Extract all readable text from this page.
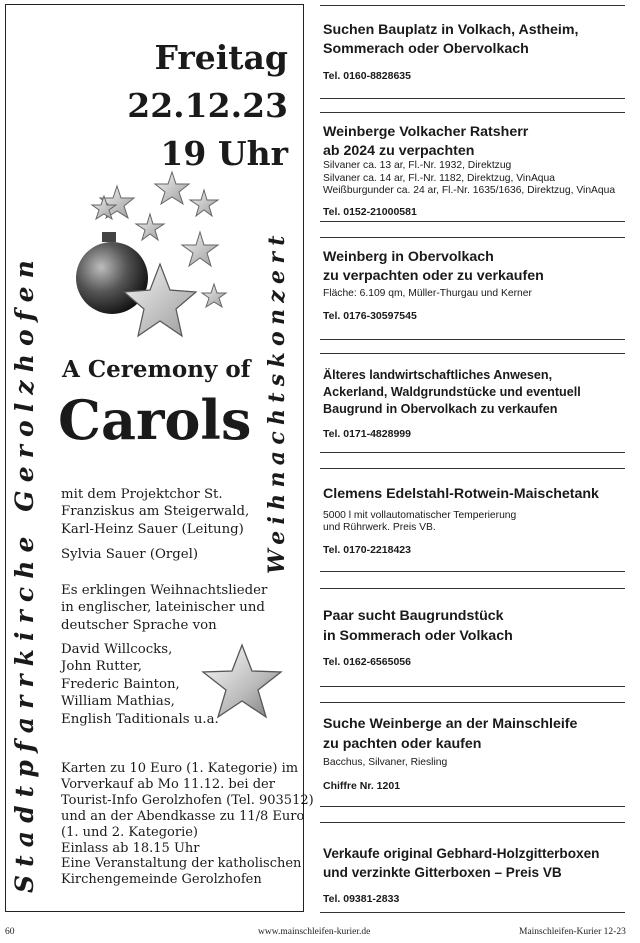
Stadtpfarrkirche Gerolzhofen	Weihnachtskonzert
Freitag
22.12.23
19 Uhr
A Ceremony of
Carols
mit dem Projektchor St.
Franziskus am Steigerwald,
Karl-Heinz Sauer (Leitung)
Sylvia Sauer (Orgel)
Es erklingen Weihnachtslieder
in englischer, lateinischer und
deutscher Sprache von
David Willcocks,
John Rutter,
Frederic Bainton,
William Mathias,
English Taditionals u.a.
Karten zu 10 Euro (1. Kategorie) im
Vorverkauf ab Mo 11.12. bei der
Tourist-Info Gerolzhofen (Tel. 903512)
und an der Abendkasse zu 11/8 Euro
(1. und 2. Kategorie)
Einlass ab 18.15 Uhr
Eine Veranstaltung der katholischen
Kirchengemeinde Gerolzhofen
Suchen Bauplatz in Volkach, Astheim,
Sommerach oder Obervolkach
Tel. 0160-8828635
Weinberge Volkacher Ratsherr
ab 2024 zu verpachten
Silvaner ca. 13 ar, Fl.-Nr. 1932, Direktzug
Silvaner ca. 14 ar, Fl.-Nr. 1182, Direktzug, VinAqua
Weißburgunder ca. 24 ar, Fl.-Nr. 1635/1636, Direktzug, VinAqua
Tel. 0152-21000581
Weinberg in Obervolkach
zu verpachten oder zu verkaufen
Fläche: 6.109 qm, Müller-Thurgau und Kerner
Tel. 0176-30597545
Älteres landwirtschaftliches Anwesen,
Ackerland, Waldgrundstücke und eventuell
Baugrund in Obervolkach zu verkaufen
Tel. 0171-4828999
Clemens Edelstahl-Rotwein-Maischetank
5000 l mit vollautomatischer Temperierung
und Rührwerk. Preis VB.
Tel. 0170-2218423
Paar sucht Baugrundstück
in Sommerach oder Volkach
Tel. 0162-6565056
Suche Weinberge an der Mainschleife
zu pachten oder kaufen
Bacchus, Silvaner, Riesling
Chiffre Nr. 1201
Verkaufe original Gebhard-Holzgitterboxen
und verzinkte Gitterboxen – Preis VB
Tel. 09381-2833
60	www.mainschleifen-kurier.de	Mainschleifen-Kurier 12-23
